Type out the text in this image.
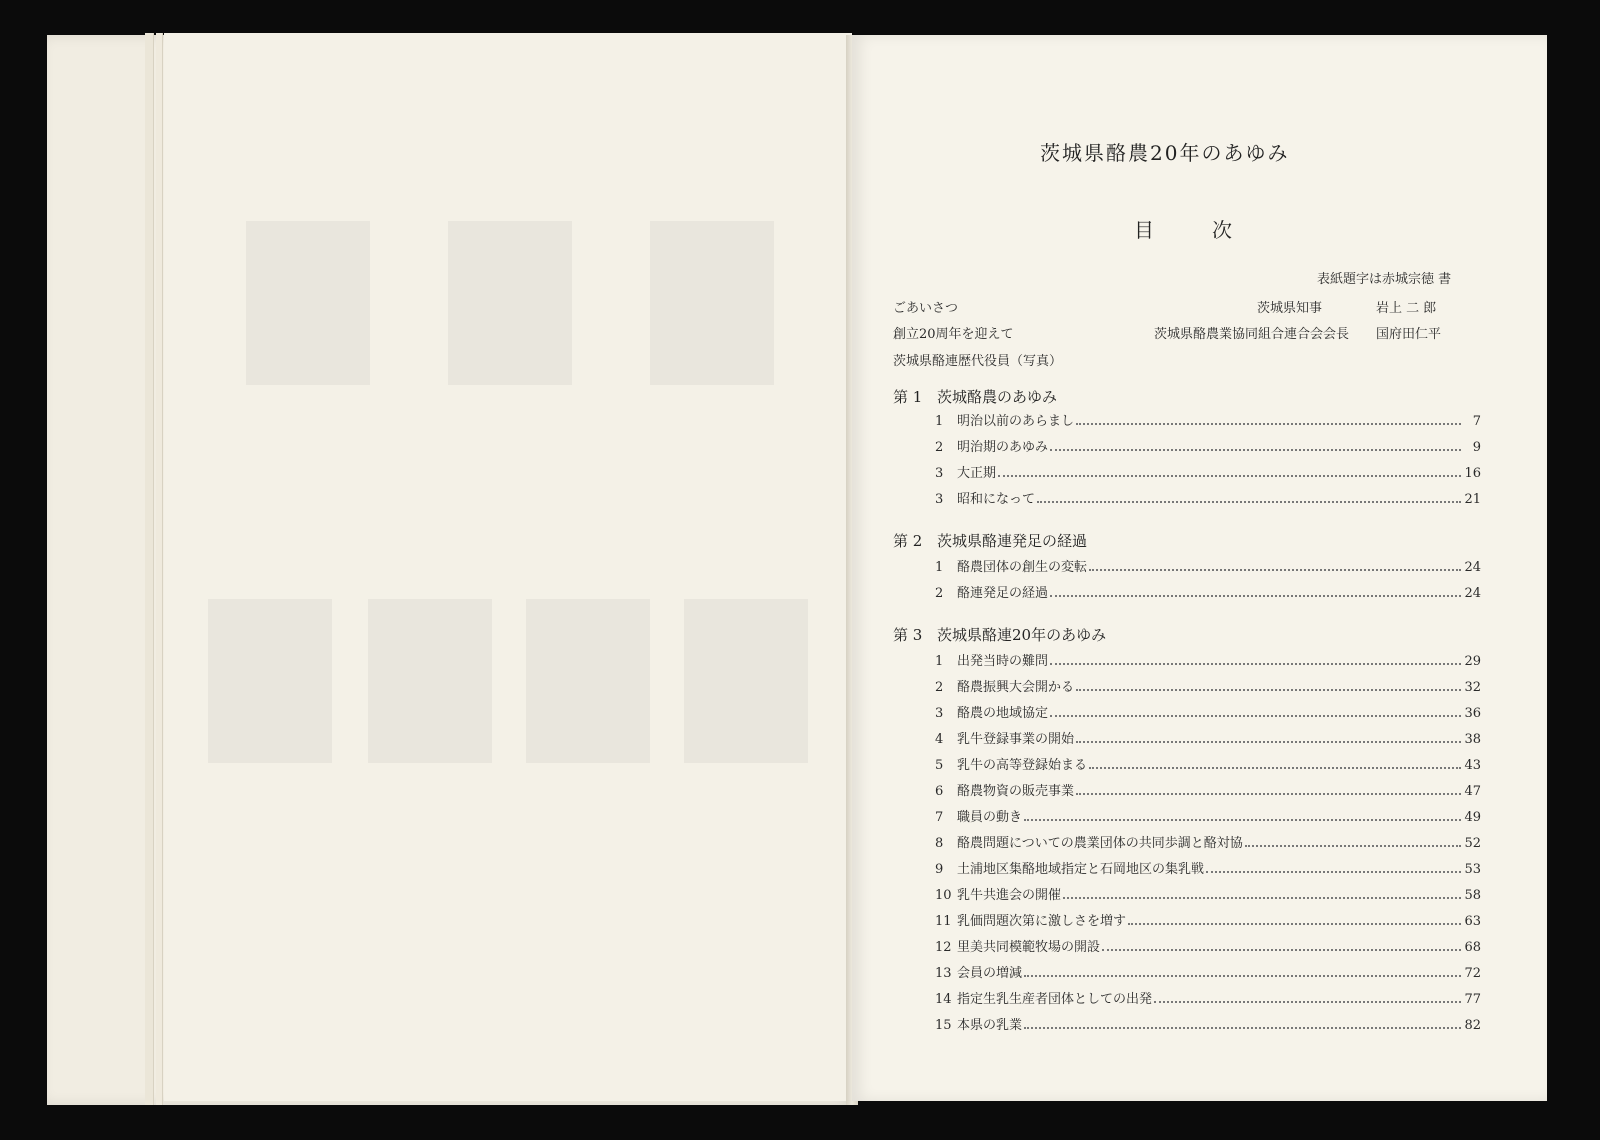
茨城県酪農20年のあゆみ
目	次
表紙題字は赤城宗徳 書
ごあいさつ	茨城県知事	岩上 二 郎
創立20周年を迎えて	茨城県酪農業協同組合連合会会長 国府田仁平
茨城県酪連歴代役員（写真）
第 1 茨城酪農のあゆみ
1	明治以前のあらまし	7
2	明治期のあゆみ	9
3	大正期	16
3	昭和になって	21
第 2 茨城県酪連発足の経過
1	酪農団体の創生の変転	24
2	酪連発足の経過	24
第 3 茨城県酪連20年のあゆみ
1	出発当時の難問	29
2	酪農振興大会開かる	32
3	酪農の地域協定	36
4	乳牛登録事業の開始	38
5	乳牛の高等登録始まる	43
6	酪農物資の販売事業	47
7	職員の動き	49
8	酪農問題についての農業団体の共同歩調と酪対協	52
9	土浦地区集酪地域指定と石岡地区の集乳戦	53
10 乳牛共進会の開催	58
11 乳価問題次第に激しさを増す	63
12 里美共同模範牧場の開設	68
13 会員の増減	72
14 指定生乳生産者団体としての出発	77
15 本県の乳業	82
